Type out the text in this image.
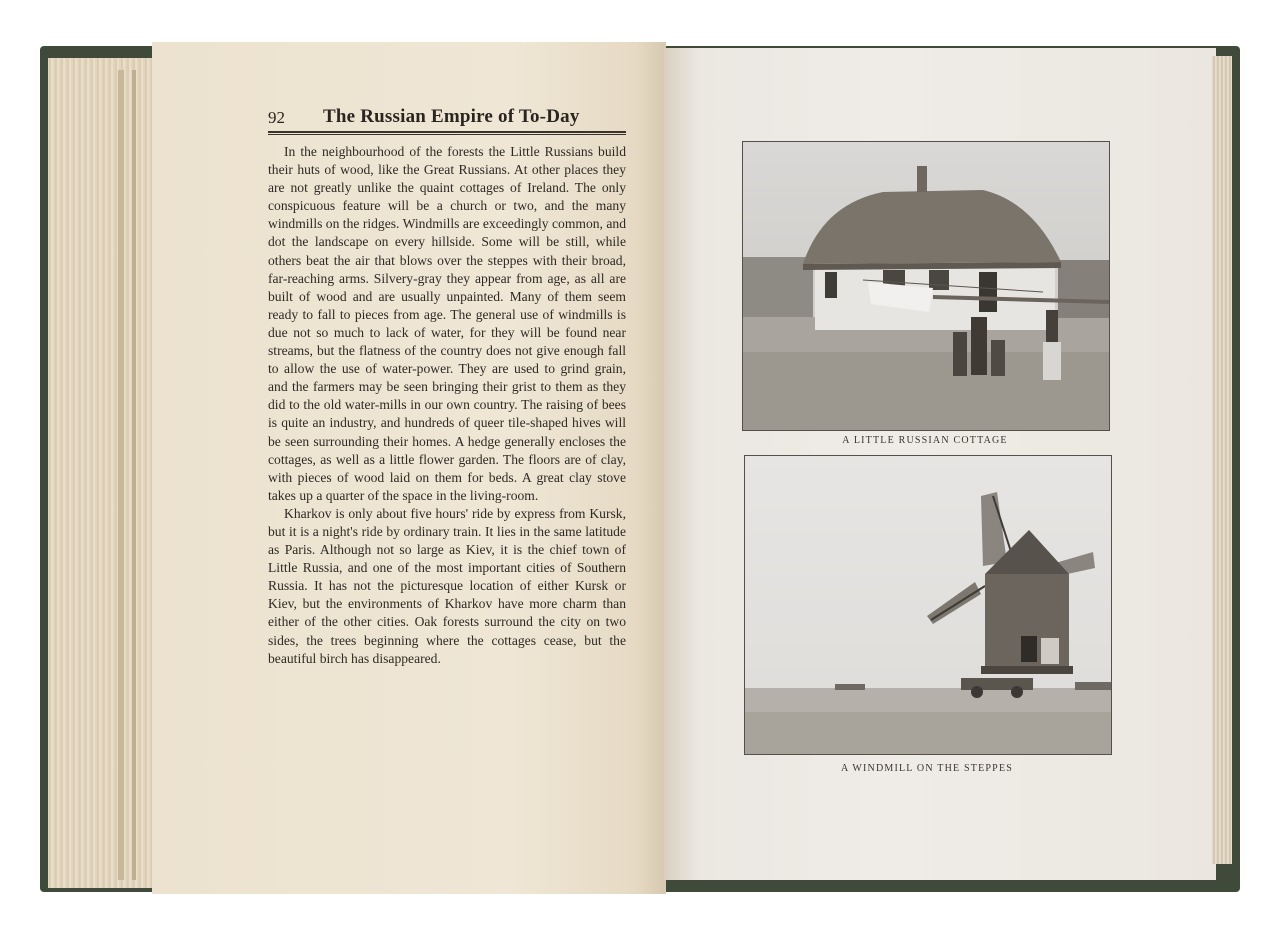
92 The Russian Empire of To-Day

In the neighbourhood of the forests the Little Russians build their huts of wood, like the Great Russians. At other places they are not greatly unlike the quaint cottages of Ireland. The only conspicuous feature will be a church or two, and the many windmills on the ridges. Windmills are exceedingly common, and dot the landscape on every hillside. Some will be still, while others beat the air that blows over the steppes with their broad, far-reaching arms. Silvery-gray they appear from age, as all are built of wood and are usually unpainted. Many of them seem ready to fall to pieces from age. The general use of windmills is due not so much to lack of water, for they will be found near streams, but the flatness of the country does not give enough fall to allow the use of water-power. They are used to grind grain, and the farmers may be seen bringing their grist to them as they did to the old water-mills in our own country. The raising of bees is quite an industry, and hundreds of queer tile-shaped hives will be seen surrounding their homes. A hedge generally encloses the cottages, as well as a little flower garden. The floors are of clay, with pieces of wood laid on them for beds. A great clay stove takes up a quarter of the space in the living-room.

Kharkov is only about five hours' ride by express from Kursk, but it is a night's ride by ordinary train. It lies in the same latitude as Paris. Although not so large as Kiev, it is the chief town of Little Russia, and one of the most important cities of Southern Russia. It has not the picturesque location of either Kursk or Kiev, but the environments of Kharkov have more charm than either of the other cities. Oak forests surround the city on two sides, the trees beginning where the cottages cease, but the beautiful birch has disappeared.

A LITTLE RUSSIAN COTTAGE
A WINDMILL ON THE STEPPES
